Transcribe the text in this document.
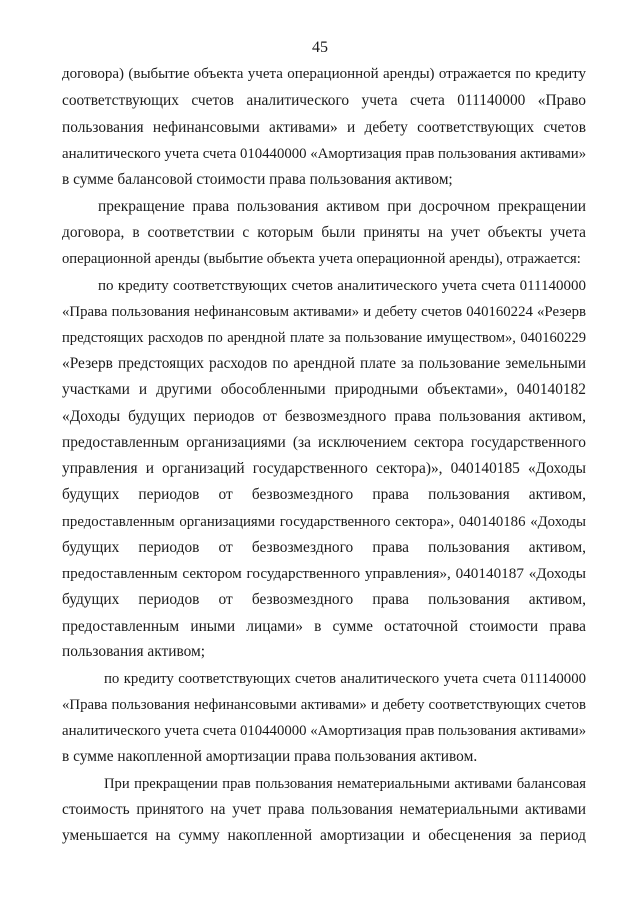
45
договора) (выбытие объекта учета операционной аренды) отражается по кредиту
соответствующих счетов аналитического учета счета 011140000 «Право
пользования нефинансовыми активами» и дебету соответствующих счетов
аналитического учета счета 010440000 «Амортизация прав пользования активами»
в сумме балансовой стоимости права пользования активом;
прекращение права пользования активом при досрочном прекращении
договора, в соответствии с которым были приняты на учет объекты учета
операционной аренды (выбытие объекта учета операционной аренды), отражается:
по кредиту соответствующих счетов аналитического учета счета 011140000
«Права пользования нефинансовым активами» и дебету счетов 040160224 «Резерв
предстоящих расходов по арендной плате за пользование имуществом», 040160229
«Резерв предстоящих расходов по арендной плате за пользование земельными
участками и другими обособленными природными объектами», 040140182
«Доходы будущих периодов от безвозмездного права пользования активом,
предоставленным организациями (за исключением сектора государственного
управления и организаций государственного сектора)», 040140185 «Доходы
будущих периодов от безвозмездного права пользования активом,
предоставленным организациями государственного сектора», 040140186 «Доходы
будущих периодов от безвозмездного права пользования активом,
предоставленным сектором государственного управления», 040140187 «Доходы
будущих периодов от безвозмездного права пользования активом,
предоставленным иными лицами» в сумме остаточной стоимости права
пользования активом;
по кредиту соответствующих счетов аналитического учета счета 011140000
«Права пользования нефинансовыми активами» и дебету соответствующих счетов
аналитического учета счета 010440000 «Амортизация прав пользования активами»
в сумме накопленной амортизации права пользования активом.
При прекращении прав пользования нематериальными активами балансовая
стоимость принятого на учет права пользования нематериальными активами
уменьшается на сумму накопленной амортизации и обесценения за период
